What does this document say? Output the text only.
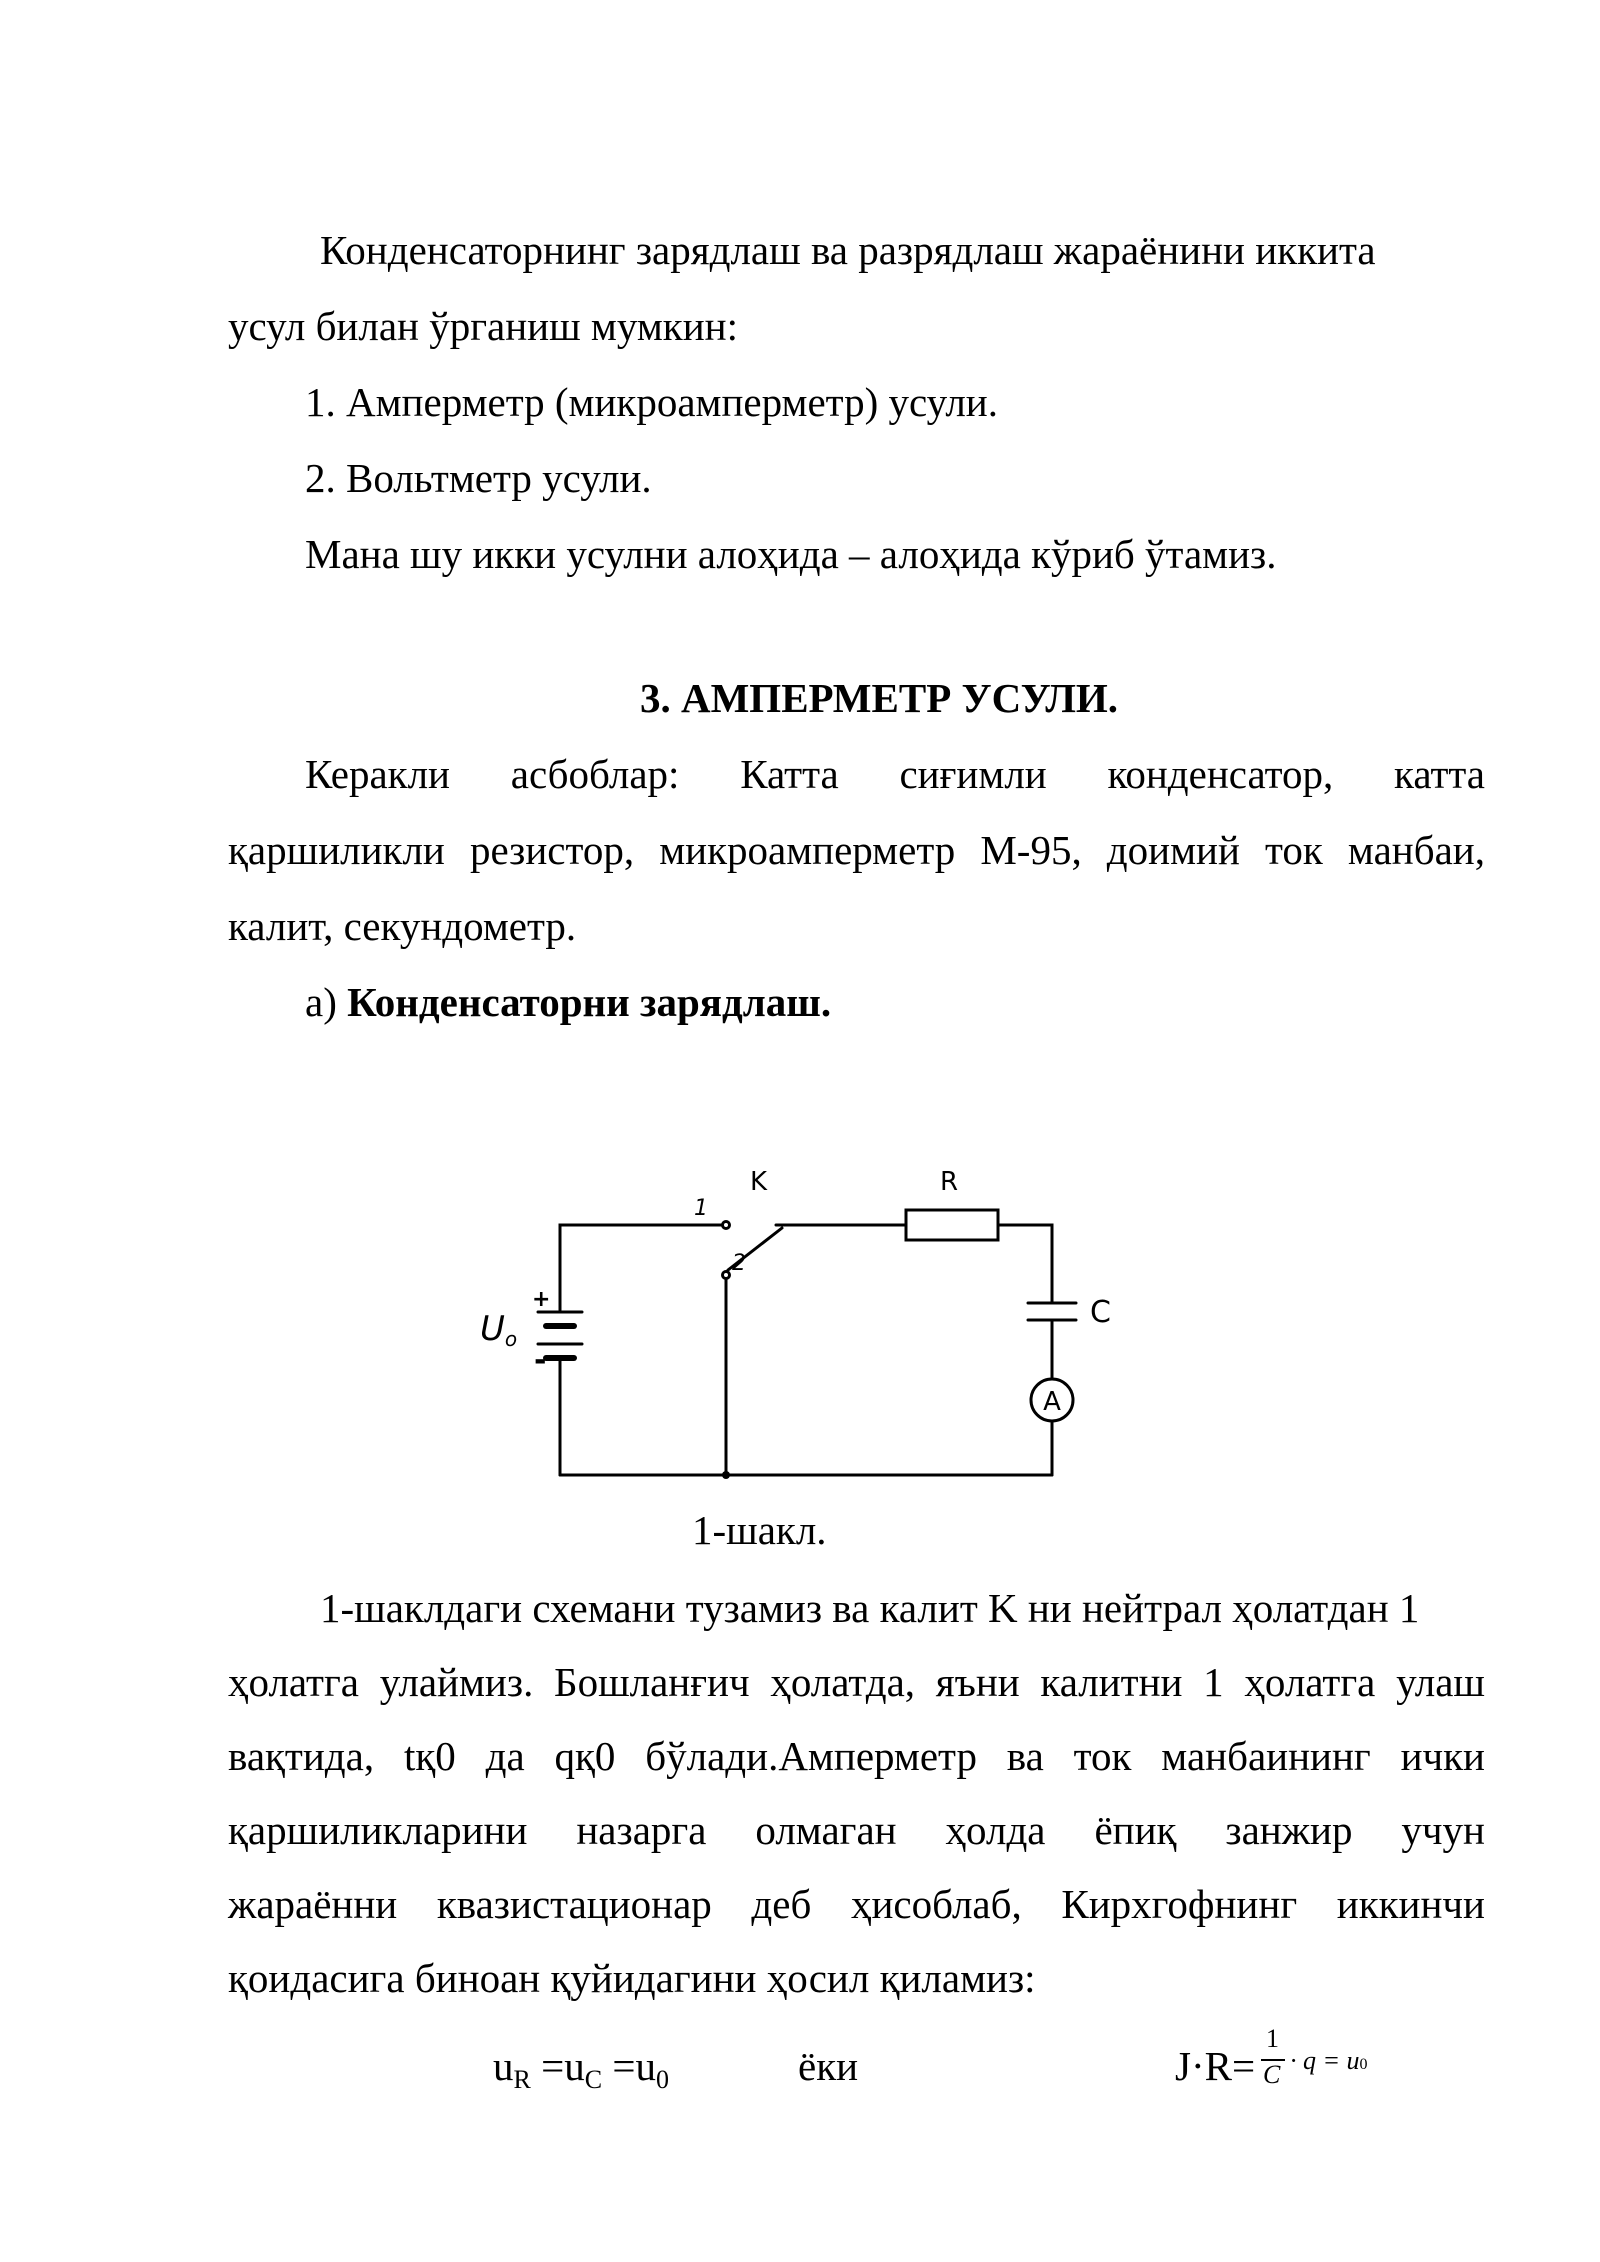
Конденсаторнинг зарядлаш ва разрядлаш жараёнини иккита
усул билан ўрганиш мумкин:
1. Амперметр (микроамперметр) усули.
2. Вольтметр усули.
Мана шу икки усулни алоҳида – алоҳида кўриб ўтамиз.
3. АМПЕРМЕТР УСУЛИ.
Керакли асбоблар: Катта сиғимли конденсатор, катта
қаршиликли резистор, микроамперметр М-95, доимий ток манбаи,
калит, секундометр.
a) Конденсаторни зарядлаш.
1
K	R
2
C
A
+
-
Uo
1-шакл.
1-шаклдаги схемани тузамиз ва калит K ни нейтрал ҳолатдан 1
ҳолатга улаймиз. Бошланғич ҳолатда, яъни калитни 1 ҳолатга улаш
вақтида, tқ0 да qқ0 бўлади.Амперметр ва ток манбаининг ички
қаршиликларини назарга олмаган ҳолда ёпиқ занжир учун
жараённи квазистационар деб ҳисоблаб, Кирхгофнинг иккинчи
қоидасига биноан қуйидагини ҳосил қиламиз:
$u_R =u_C =u_0$	ёки	J·R=
1
C · q = u0
